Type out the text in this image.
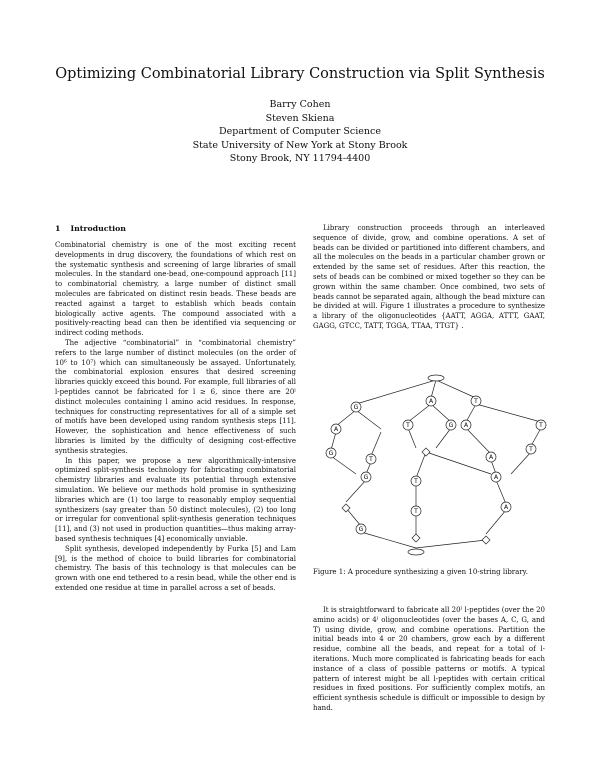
Optimizing Combinatorial Library Construction via Split Synthesis
Barry Cohen
Steven Skiena
Department of Computer Science
State University of New York at Stony Brook
Stony Brook, NY 11794-4400
1 Introduction

Combinatorial chemistry is one of the most exciting recent developments in drug discovery, the foundations of which rest on the systematic synthesis and screening of large libraries of small molecules. In the standard one-bead, one-compound approach [11] to combinatorial chemistry, a large number of distinct small molecules are fabricated on distinct resin beads. These beads are reacted against a target to establish which beads contain biologically active agents. The compound associated with a positively-reacting bead can then be identified via sequencing or indirect coding methods.

The adjective “combinatorial” in “combinatorial chemistry” refers to the large number of distinct molecules (on the order of 10⁶ to 10⁷) which can simultaneously be assayed. Unfortunately, the combinatorial explosion ensures that desired screening libraries quickly exceed this bound. For example, full libraries of all l-peptides cannot be fabricated for l ≥ 6, since there are 20ˡ distinct molecules containing l amino acid residues. In response, techniques for constructing representatives for all of a simple set of motifs have been developed using random synthesis steps [11]. However, the sophistication and hence effectiveness of such libraries is limited by the difficulty of designing cost-effective synthesis strategies.

In this paper, we propose a new algorithmically-intensive optimized split-synthesis technology for fabricating combinatorial chemistry libraries and evaluate its potential through extensive simulation. We believe our methods hold promise in synthesizing libraries which are (1) too large to reasonably employ sequential synthesizers (say greater than 50 distinct molecules), (2) too long or irregular for conventional split-synthesis generation techniques [11], and (3) not used in production quantities—thus making array-based synthesis techniques [4] economically unviable.

Split synthesis, developed independently by Furka [5] and Lam [9], is the method of choice to build libraries for combinatorial chemistry. The basis of this technology is that molecules can be grown with one end tethered to a resin bead, while the other end is extended one residue at time in parallel across a set of beads.

Library construction proceeds through an interleaved sequence of divide, grow, and combine operations. A set of beads can be divided or partitioned into different chambers, and all the molecules on the beads in a particular chamber grown or extended by the same set of residues. After this reaction, the sets of beads can be combined or mixed together so they can be grown within the same chamber. Once combined, two sets of beads cannot be separated again, although the bead mixture can be divided at will. Figure 1 illustrates a procedure to synthesize a library of the oligonucleotides {AATT, AGGA, ATTT, GAAT, GAGG, GTCC, TATT, TGGA, TTAA, TTGT} .

G
A	T
A
T	G A	T
G
T
A
T
G	A
T
A
G
T
Figure 1: A procedure synthesizing a given 10-string library.

It is straightforward to fabricate all 20ˡ l-peptides (over the 20 amino acids) or 4ˡ oligonucleotides (over the bases A, C, G, and T) using divide, grow, and combine operations. Partition the initial beads into 4 or 20 chambers, grow each by a different residue, combine all the beads, and repeat for a total of l-iterations. Much more complicated is fabricating beads for each instance of a class of possible patterns or motifs. A typical pattern of interest might be all l-peptides with certain critical residues in fixed positions. For sufficiently complex motifs, an efficient synthesis schedule is difficult or impossible to design by hand.
